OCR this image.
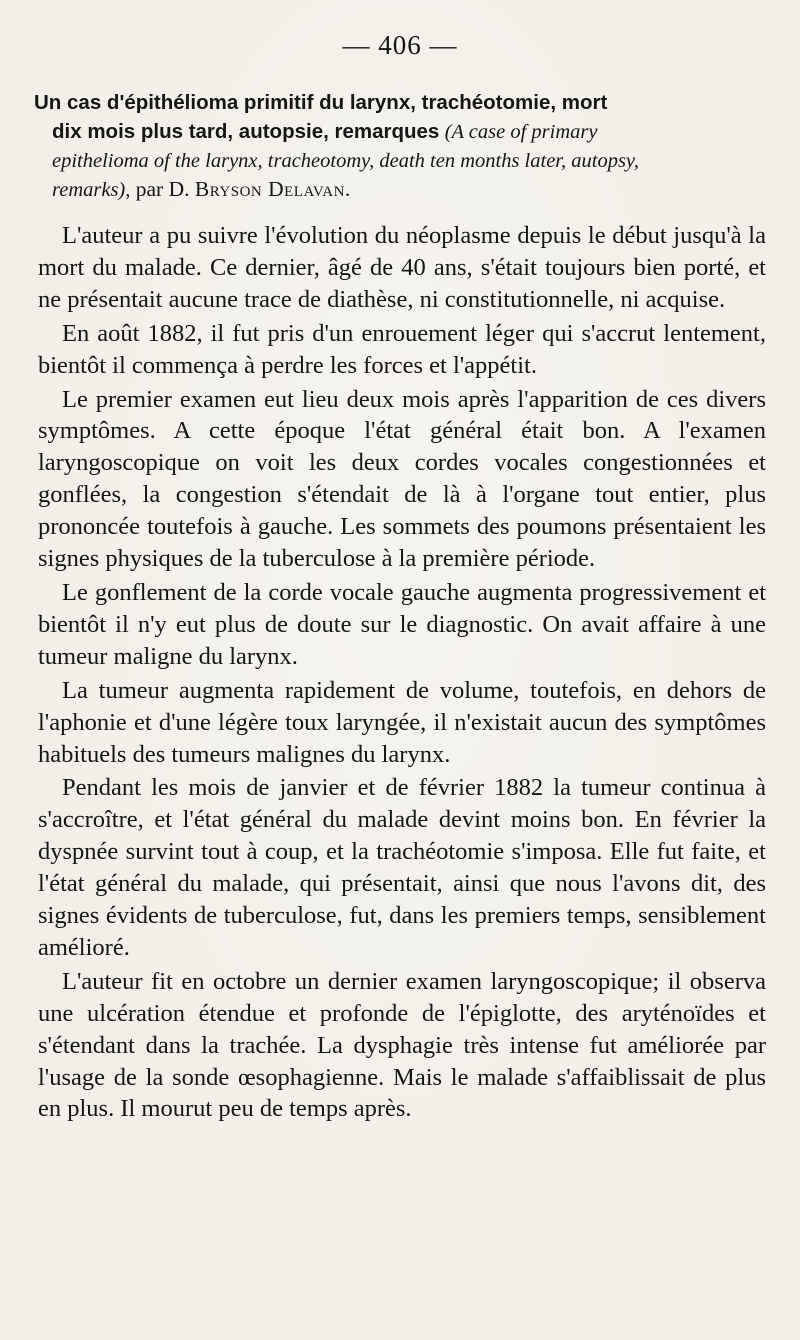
— 406 —
Un cas d'épithélioma primitif du larynx, trachéotomie, mort
dix mois plus tard, autopsie, remarques (A case of primary
epithelioma of the larynx, tracheotomy, death ten months later, autopsy,
remarks), par D. Bryson Delavan.

L'auteur a pu suivre l'évolution du néoplasme depuis le début jusqu'à la mort du malade. Ce dernier, âgé de 40 ans, s'était toujours bien porté, et ne présentait aucune trace de diathèse, ni constitutionnelle, ni acquise.

En août 1882, il fut pris d'un enrouement léger qui s'accrut lentement, bientôt il commença à perdre les forces et l'appétit.

Le premier examen eut lieu deux mois après l'apparition de ces divers symptômes. A cette époque l'état général était bon. A l'examen laryngoscopique on voit les deux cordes vocales congestionnées et gonflées, la congestion s'étendait de là à l'organe tout entier, plus prononcée toutefois à gauche. Les sommets des poumons présentaient les signes physiques de la tuberculose à la première période.

Le gonflement de la corde vocale gauche augmenta progressivement et bientôt il n'y eut plus de doute sur le diagnostic. On avait affaire à une tumeur maligne du larynx.

La tumeur augmenta rapidement de volume, toutefois, en dehors de l'aphonie et d'une légère toux laryngée, il n'existait aucun des symptômes habituels des tumeurs malignes du larynx.

Pendant les mois de janvier et de février 1882 la tumeur continua à s'accroître, et l'état général du malade devint moins bon. En février la dyspnée survint tout à coup, et la trachéotomie s'imposa. Elle fut faite, et l'état général du malade, qui présentait, ainsi que nous l'avons dit, des signes évidents de tuberculose, fut, dans les premiers temps, sensiblement amélioré.

L'auteur fit en octobre un dernier examen laryngoscopique; il observa une ulcération étendue et profonde de l'épiglotte, des aryténoïdes et s'étendant dans la trachée. La dysphagie très intense fut améliorée par l'usage de la sonde œsophagienne. Mais le malade s'affaiblissait de plus en plus. Il mourut peu de temps après.
